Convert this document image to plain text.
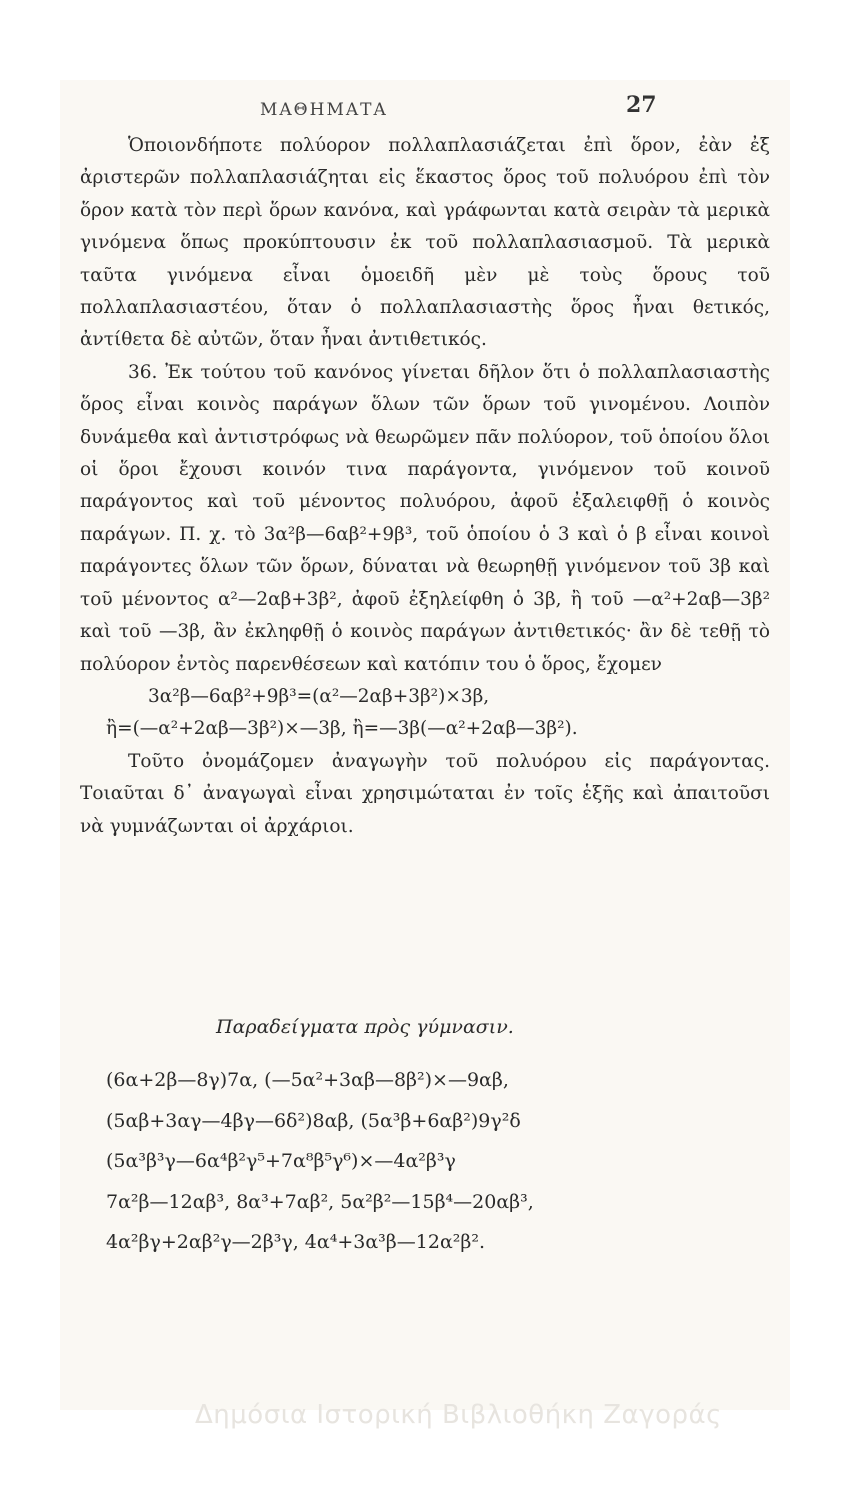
ΜΑΘΗΜΑΤΑ	27

Ὁποιονδήποτε πολύορον πολλαπλασιάζεται ἐπὶ ὅρον, ἐὰν ἐξ ἀριστερῶν πολλαπλασιάζηται εἰς ἕκαστος ὅρος τοῦ πολυόρου ἐπὶ τὸν ὅρον κατὰ τὸν περὶ ὅρων κανόνα, καὶ γράφωνται κατὰ σειρὰν τὰ μερικὰ γινόμενα ὅπως προκύπτουσιν ἐκ τοῦ πολλαπλασιασμοῦ. Τὰ μερικὰ ταῦτα γινόμενα εἶναι ὁμοειδῆ μὲν μὲ τοὺς ὅρους τοῦ πολλαπλασιαστέου, ὅταν ὁ πολλαπλασιαστὴς ὅρος ἦναι θετικός, ἀντίθετα δὲ αὐτῶν, ὅταν ἦναι ἀντιθετικός.

36. Ἐκ τούτου τοῦ κανόνος γίνεται δῆλον ὅτι ὁ πολλαπλασιαστὴς ὅρος εἶναι κοινὸς παράγων ὅλων τῶν ὅρων τοῦ γινομένου. Λοιπὸν δυνάμεθα καὶ ἀντιστρόφως νὰ θεωρῶμεν πᾶν πολύορον, τοῦ ὁποίου ὅλοι οἱ ὅροι ἔχουσι κοινόν τινα παράγοντα, γινόμενον τοῦ κοινοῦ παράγοντος καὶ τοῦ μένοντος πολυόρου, ἀφοῦ ἐξαλειφθῇ ὁ κοινὸς παράγων. Π. χ. τὸ 3α²β—6αβ²+9β³, τοῦ ὁποίου ὁ 3 καὶ ὁ β εἶναι κοινοὶ παράγοντες ὅλων τῶν ὅρων, δύναται νὰ θεωρηθῇ γινόμενον τοῦ 3β καὶ τοῦ μένοντος α²—2αβ+3β², ἀφοῦ ἐξηλείφθη ὁ 3β, ἢ τοῦ —α²+2αβ—3β² καὶ τοῦ —3β, ἂν ἐκληφθῇ ὁ κοινὸς παράγων ἀντιθετικός· ἂν δὲ τεθῇ τὸ πολύορον ἐντὸς παρενθέσεων καὶ κατόπιν του ὁ ὅρος, ἔχομεν

3α²β—6αβ²+9β³=(α²—2αβ+3β²)×3β,

ἢ=(—α²+2αβ—3β²)×—3β, ἢ=—3β(—α²+2αβ—3β²).

Τοῦτο ὀνομάζομεν ἀναγωγὴν τοῦ πολυόρου εἰς παράγοντας. Τοιαῦται δ᾽ ἀναγωγαὶ εἶναι χρησιμώταται ἐν τοῖς ἑξῆς καὶ ἀπαιτοῦσι νὰ γυμνάζωνται οἱ ἀρχάριοι.

Παραδείγματα πρὸς γύμνασιν.

(6α+2β—8γ)7α, (—5α²+3αβ—8β²)×—9αβ,

(5αβ+3αγ—4βγ—6δ²)8αβ, (5α³β+6αβ²)9γ²δ

(5α³β³γ—6α⁴β²γ⁵+7α⁸β⁵γ⁶)×—4α²β³γ

7α²β—12αβ³, 8α³+7αβ², 5α²β²—15β⁴—20αβ³,

4α²βγ+2αβ²γ—2β³γ, 4α⁴+3α³β—12α²β².

Δημόσια Ιστορική Βιβλιοθήκη Ζαγοράς
